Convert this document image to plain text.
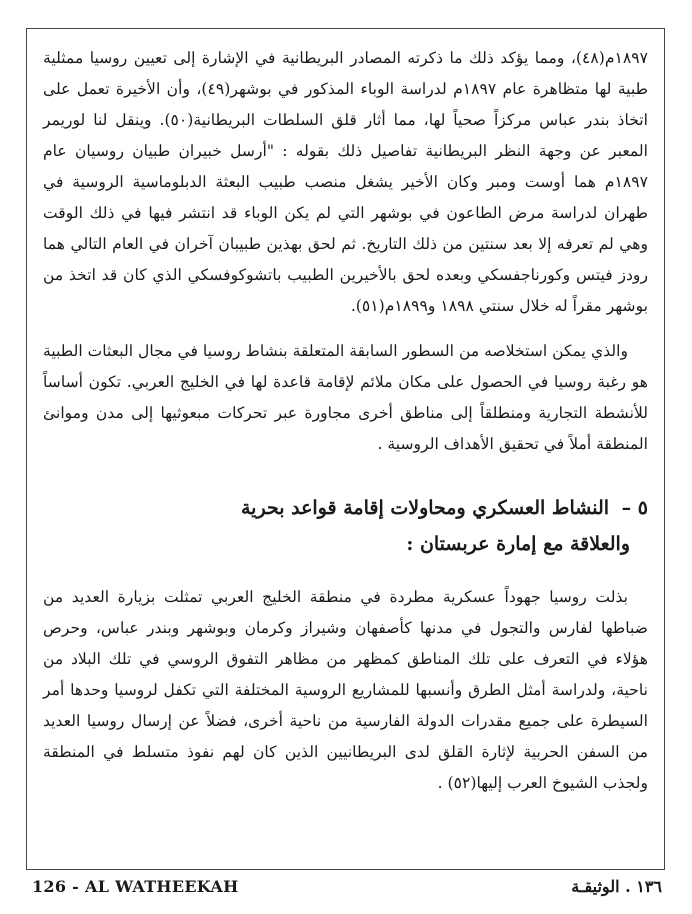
١٨٩٧م(٤٨)، ومما يؤكد ذلك ما ذكرته المصادر البريطانية في الإشارة إلى تعيين روسيا ممثلية طبية لها متظاهرة عام ١٨٩٧م لدراسة الوباء المذكور في بوشهر(٤٩)، وأن الأخيرة تعمل على اتخاذ بندر عباس مركزاً صحياً لها، مما أثار قلق السلطات البريطانية(٥٠). وينقل لنا لوريمر المعبر عن وجهة النظر البريطانية تفاصيل ذلك بقوله : "أرسل خبيران طبيان روسيان عام ١٨٩٧م هما أوست ومبر وكان الأخير يشغل منصب طبيب البعثة الدبلوماسية الروسية في طهران لدراسة مرض الطاعون في بوشهر التي لم يكن الوباء قد انتشر فيها في ذلك الوقت وهي لم تعرفه إلا بعد سنتين من ذلك التاريخ. ثم لحق بهذين طبيبان آخران في العام التالي هما رودز فيتس وكورناجفسكي وبعده لحق بالأخيرين الطبيب باتشوكوفسكي الذي كان قد اتخذ من بوشهر مقراً له خلال سنتي ١٨٩٨ و١٨٩٩م(٥١).

والذي يمكن استخلاصه من السطور السابقة المتعلقة بنشاط روسيا في مجال البعثات الطبية هو رغبة روسيا في الحصول على مكان ملائم لإقامة قاعدة لها في الخليج العربي. تكون أساساً للأنشطة التجارية ومنطلقاً إلى مناطق أخرى مجاورة عبر تحركات مبعوثيها إلى مدن وموانئ المنطقة أملاً في تحقيق الأهداف الروسية .

٥ – النشاط العسكري ومحاولات إقامة قواعد بحرية
والعلاقة مع إمارة عربستان :

بذلت روسيا جهوداً عسكرية مطردة في منطقة الخليج العربي تمثلت بزيارة العديد من ضباطها لفارس والتجول في مدنها كأصفهان وشيراز وكرمان وبوشهر وبندر عباس، وحرص هؤلاء في التعرف على تلك المناطق كمظهر من مظاهر التفوق الروسي في تلك البلاد من ناحية، ولدراسة أمثل الطرق وأنسبها للمشاريع الروسية المختلفة التي تكفل لروسيا وحدها أمر السيطرة على جميع مقدرات الدولة الفارسية من ناحية أخرى، فضلاً عن إرسال روسيا العديد من السفن الحربية لإثارة القلق لدى البريطانيين الذين كان لهم نفوذ متسلط في المنطقة ولجذب الشيوخ العرب إليها(٥٢) .

126 - AL WATHEEKAH	١٣٦ . الوثيقـة
